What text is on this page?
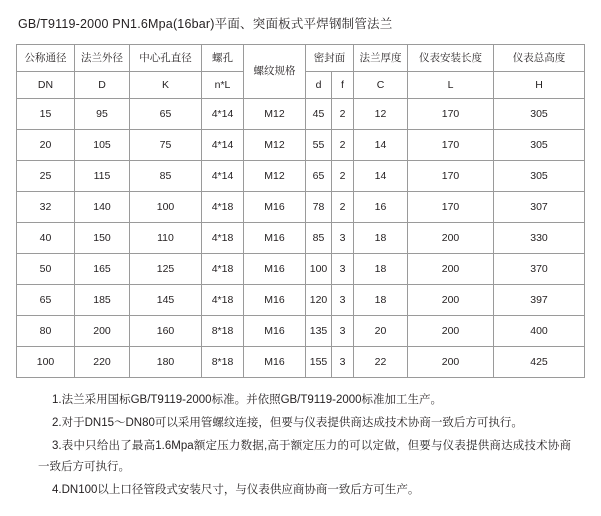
GB/T9119-2000 PN1.6Mpa(16bar)平面、突面板式平焊钢制管法兰
公称通径	法兰外径	中心孔直径	螺孔	螺纹规格	密封面		法兰厚度	仪表安装长度	仪表总高度

DN	D	K	n*L		d	f	C	L	H

15	95	65	4*14	M12	45	2	12	170	305

20	105	75	4*14	M12	55	2	14	170	305

25	115	85	4*14	M12	65	2	14	170	305

32	140	100	4*18	M16	78	2	16	170	307

40	150	110	4*18	M16	85	3	18	200	330

50	165	125	4*18	M16	100	3	18	200	370

65	185	145	4*18	M16	120	3	18	200	397

80	200	160	8*18	M16	135	3	20	200	400

100	220	180	8*18	M16	155	3	22	200	425

1.法兰采用国标GB/T9119-2000标准。并依照GB/T9119-2000标准加工生产。

2.对于DN15～DN80可以采用管螺纹连接，但要与仪表提供商达成技术协商一致后方可执行。

3.表中只给出了最高1.6Mpa额定压力数据,高于额定压力的可以定做，但要与仪表提供商达成技术协商一致后方可执行。

4.DN100以上口径管段式安装尺寸，与仪表供应商协商一致后方可生产。
